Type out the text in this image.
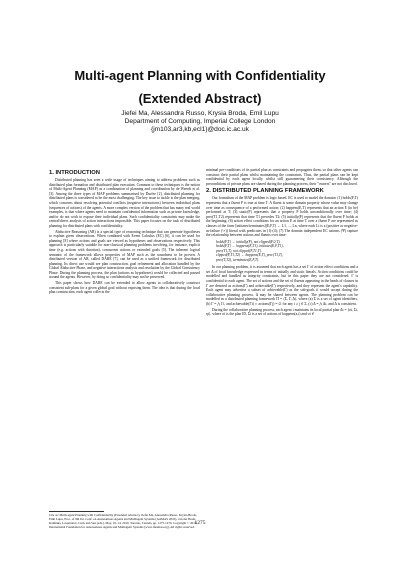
Multi-agent Planning with Confidentiality
(Extended Abstract)
Jiefei Ma, Alessandra Russo, Krysia Broda, Emil Lupu
Department of Computing, Imperial College London
{jm103,ar3,kb,ecl1}@doc.ic.ac.uk
1. INTRODUCTION

Distributed planning has seen a wide usage of techniques aiming to address problems such as distributed plan formation and distributed plan execution. Common to these techniques is the notion of Multi-Agent Planning (MAP) as a combination of planning and coordination by de Weerdt et al. [3]. Among the three types of MAP problems summarised by Durfee [2], distributed planning for distributed plans is considered to be the most challenging. The key issue to tackle is the plan merging, which concerns about resolving potential conflicts (negative interactions) between individual plans (sequences of actions) of the agents. A more complex version of the problem that has many real world examples, is that where agents need to maintain confidential information such as private knowledge, and/or do not wish to expose their individual plans. Such confidentiality constraints may make the central/direct analysis of action interactions impossible. This paper focuses on the task of distributed planning for distributed plans with confidentiality.

Abductive Reasoning (AR) is a special type of reasoning technique that can generate hypotheses to explain given observations. When combined with Event Calculus (EC) [6], it can be used for planning [8] where actions and goals are viewed as hypotheses and observations respectively. This approach is particularly suitable for non-classical planning problems involving, for instance, explicit time (e.g. actions with duration), concurrent actions or extended goals [5]. The inherent logical semantic of the framework allows properties of MAP such as the soundness to be proven. A distributed version of AR, called DARE [7], can be used as a unified framework for distributed planning. Its direct use would see plan construction, goal refinement and allocation handled by the Global Abductive Phase, and negative interactions analysis and resolution by the Global Consistency Phase. During the planning process, the plan (actions as hypotheses) would be collected and passed around the agents. However, by doing so confidentiality may not be preserved.

This paper shows how DARE can be extended to allow agents to collaboratively construct consistent sub-plans for a given global goal without exposing them. The idea is that during the local plan construction, each agent collects the

Cite as: Multi-agent Planning with Confidentiality (Extended Abstract), Jiefei Ma, Alessandra Russo, Krysia Broda, Emil Lupu, Proc. of 9th Int. Conf. on Autonomous Agents and Multiagent Systems (AAMAS 2010), van der Hoek, Kaminka, Lespérance, Luck and Sen (eds.), May, 10–14, 2010, Toronto, Canada, pp. 1275-1276. Copyright © 2010, International Foundation for Autonomous Agents and Multiagent Systems (www.ifaamas.org). All rights reserved.

minimal pre-conditions of its partial plan as constraints and propagates them, so that other agents can construct their partial plans whilst maintaining the constraints. Thus, the partial plans can be kept confidential by each agent locally, whilst still guaranteeing their consistency. Although the preconditions of private plans are shared during the planning process, their "owners" are not disclosed.

2. DISTRIBUTED PLANNING FRAMEWORK

Our formalism of the MAP problem is logic based. EC is used to model the domain: (1) holds(F,T) represents that a fluent F is true at time T. A fluent is some domain property whose value may change over time as consequence of a performed action; (2) happens(E,T) represents that an action E (to be) performed at T; (3) static(P) represents that a property P holds unconditionally over time; (4) prec(T1,T2) represents that time T1 precedes T2; (5) initially(F) represents that the fluent F holds at the beginning; (6) action effect conditions for an action E at time T over a fluent F are represented as clauses of the form [initiates/terminates](E,F,T) ← L1, ..., Ln, where each Li is a (positive or negative-as-failure (\+)) literal with predicates in (1)-(4); (7) The domain independent EC axioms (Ψ) capture the relationship between actions and fluents over time:

holds(F,T) ← initially(F), not clipped(F,0,T).
holds(F,T) ← happens(E,T1), initiates(E,F,T1),
prec(T1,T), not clipped(F,T1,T).
clipped(F,T1,T2) ← happens(E,T), prec(T1,T),
prec(T,T2), terminates(E,F,T).

In our planning problem, it is assumed that each agent has a set Γ of action effect conditions and a set Δ of local knowledge expressed in terms of initially and static literals. Action conditions could be modelled and handled as integrity constraints, but in this paper they are not considered. Γ is confidential to each agent. The set of actions and the set of fluents appearing in the heads of clauses in Γ are denoted as actions(Γ) and achievable(Γ) respectively, and they represent the agent's capability. Each agent may advertise a subset of achievable(Γ) as the sub-goals it would accept during the collaborative planning process. Δ may be shared between agents. The planning problem can be modelled as a distributed planning framework Π = ⟨Σ, Γ, Δ⟩, where (a) Σ is a set of agent identifiers, (b) Γ = ⋀ Γi, and achievable(Γi) ∩ actions(Γj) = ∅ for any i ≠ j ∈ Σ, (c) Δ = ⋀ Δi, and Δ is consistent.

During the collaborative planning process, each agent i maintains its local partial plan Δi = ⟨σi, Σi, ηi⟩, where σi is the plan ID, Σi is a set of actions of happens(a,t) and σi ∈

1275
